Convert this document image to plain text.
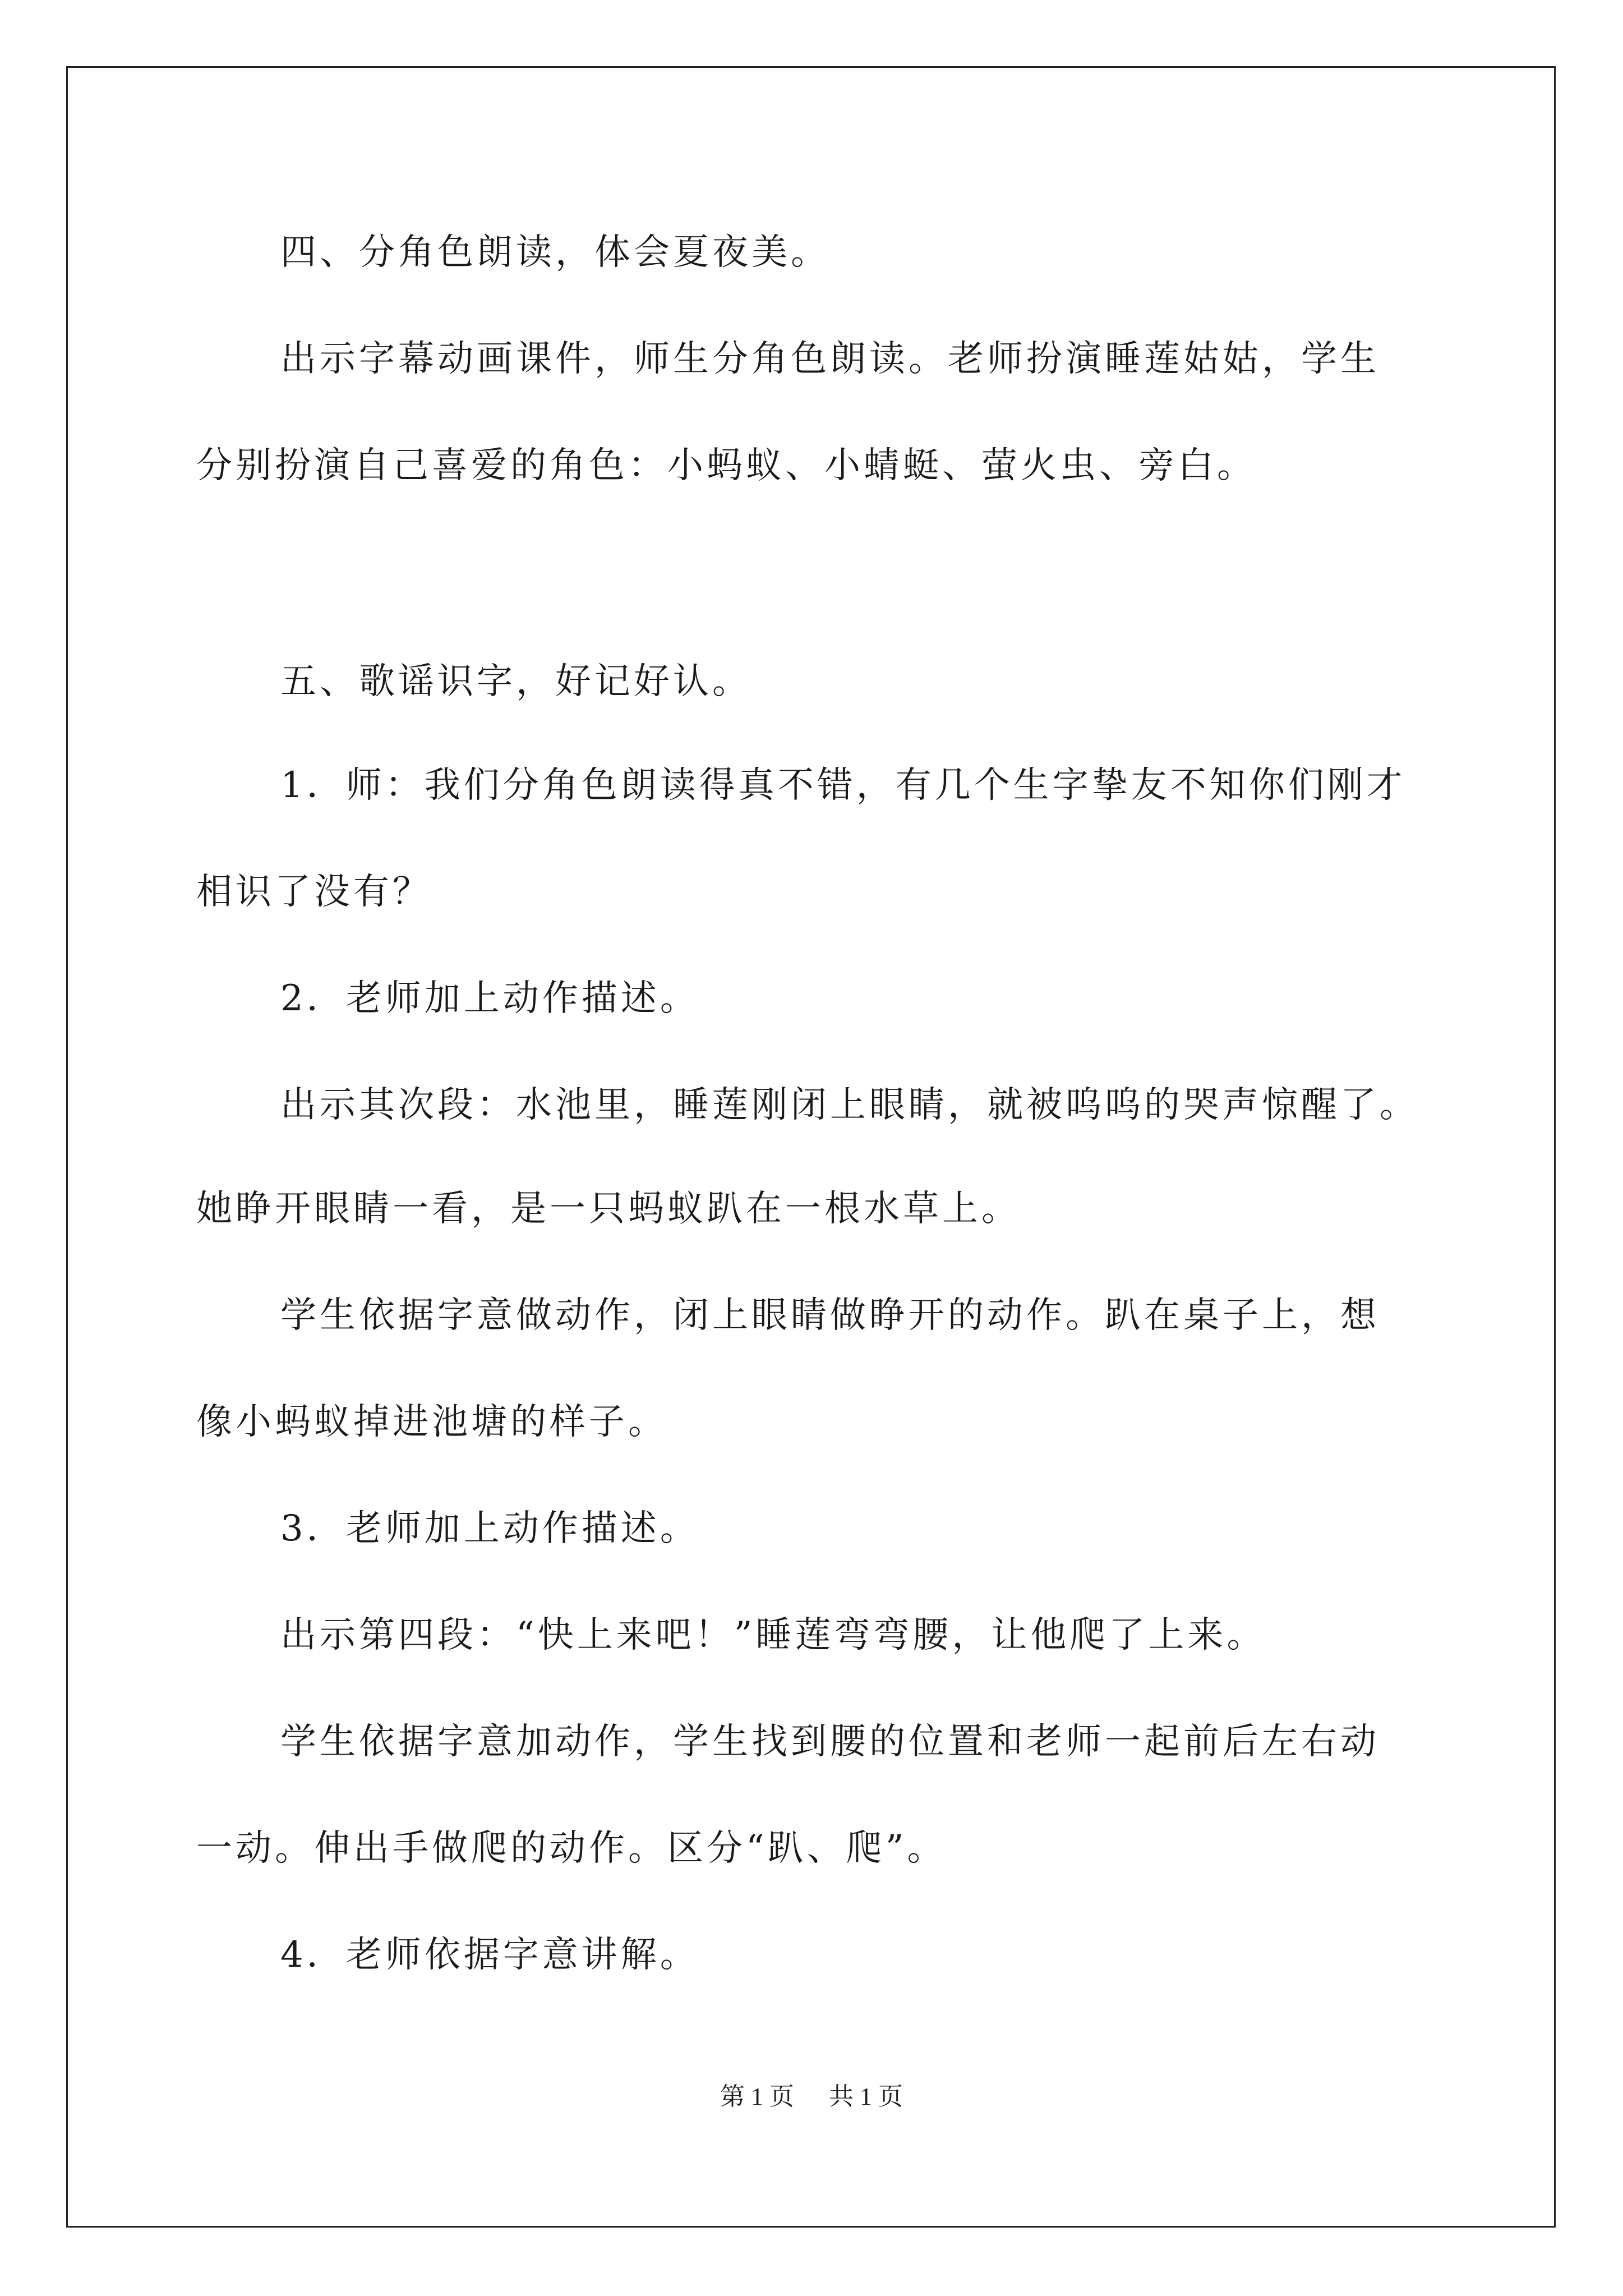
四、分角色朗读，体会夏夜美。
出示字幕动画课件，师生分角色朗读。老师扮演睡莲姑姑，学生
分别扮演自己喜爱的角色：小蚂蚁、小蜻蜓、萤火虫、旁白。
五、歌谣识字，好记好认。
1．师：我们分角色朗读得真不错，有几个生字挚友不知你们刚才
相识了没有？
2．老师加上动作描述。
出示其次段：水池里，睡莲刚闭上眼睛，就被呜呜的哭声惊醒了。
她睁开眼睛一看，是一只蚂蚁趴在一根水草上。
学生依据字意做动作，闭上眼睛做睁开的动作。趴在桌子上，想
像小蚂蚁掉进池塘的样子。
3．老师加上动作描述。
出示第四段：“快上来吧！”睡莲弯弯腰，让他爬了上来。
学生依据字意加动作，学生找到腰的位置和老师一起前后左右动
一动。伸出手做爬的动作。区分“趴、爬”。
4．老师依据字意讲解。
第 1 页 共 1 页
